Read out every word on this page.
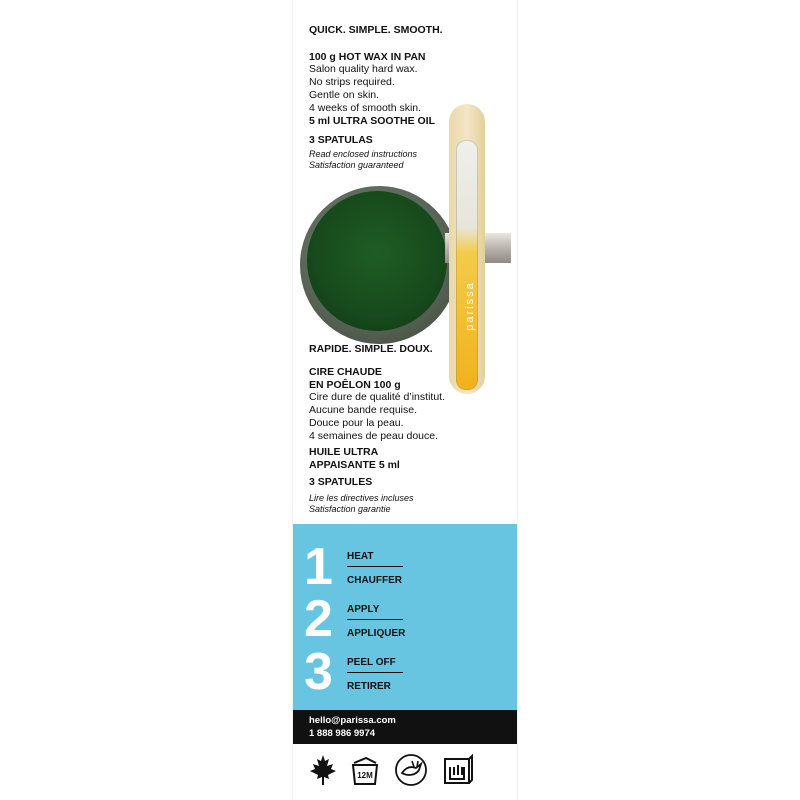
QUICK. SIMPLE. SMOOTH.
100 g HOT WAX IN PAN
Salon quality hard wax.
No strips required.
Gentle on skin.
4 weeks of smooth skin.
5 ml ULTRA SOOTHE OIL
3 SPATULAS
Read enclosed instructions
Satisfaction guaranteed
parissa
RAPIDE. SIMPLE. DOUX.
CIRE CHAUDE
EN POÊLON 100 g
Cire dure de qualité d’institut.
Aucune bande requise.
Douce pour la peau.
4 semaines de peau douce.
HUILE ULTRA
APPAISANTE 5 ml
3 SPATULES
Lire les directives incluses
Satisfaction garantie
1 HEAT
CHAUFFER
2 APPLY
APPLIQUER
3 PEEL OFF
RETIRER
hello@parissa.com
1 888 986 9974
12M
